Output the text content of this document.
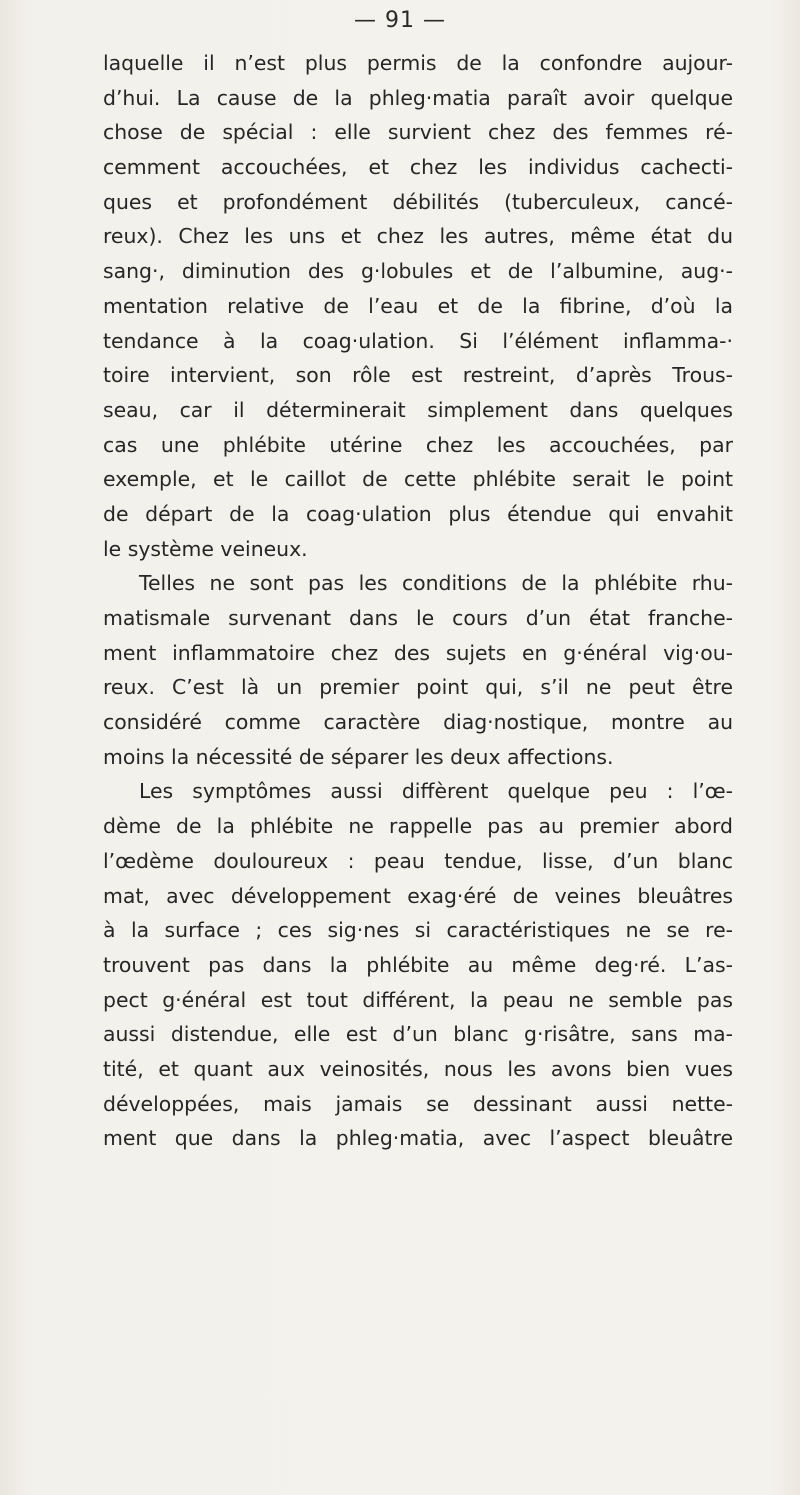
— 91 —
laquelle il n’est plus permis de la confondre aujour-
d’hui. La cause de la phleg·matia paraît avoir quelque
chose de spécial : elle survient chez des femmes ré-
cemment accouchées, et chez les individus cachecti-
ques et profondément débilités (tuberculeux, cancé-
reux). Chez les uns et chez les autres, même état du
sang·, diminution des g·lobules et de l’albumine, aug·-
mentation relative de l’eau et de la fibrine, d’où la
tendance à la coag·ulation. Si l’élément inflamma-·
toire intervient, son rôle est restreint, d’après Trous-
seau, car il déterminerait simplement dans quelques
cas une phlébite utérine chez les accouchées, par
exemple, et le caillot de cette phlébite serait le point
de départ de la coag·ulation plus étendue qui envahit
le système veineux.
Telles ne sont pas les conditions de la phlébite rhu-
matismale survenant dans le cours d’un état franche-
ment inflammatoire chez des sujets en g·énéral vig·ou-
reux. C’est là un premier point qui, s’il ne peut être
considéré comme caractère diag·nostique, montre au
moins la nécessité de séparer les deux affections.
Les symptômes aussi diffèrent quelque peu : l’œ-
dème de la phlébite ne rappelle pas au premier abord
l’œdème douloureux : peau tendue, lisse, d’un blanc
mat, avec développement exag·éré de veines bleuâtres
à la surface ; ces sig·nes si caractéristiques ne se re-
trouvent pas dans la phlébite au même deg·ré. L’as-
pect g·énéral est tout différent, la peau ne semble pas
aussi distendue, elle est d’un blanc g·risâtre, sans ma-
tité, et quant aux veinosités, nous les avons bien vues
développées, mais jamais se dessinant aussi nette-
ment que dans la phleg·matia, avec l’aspect bleuâtre
